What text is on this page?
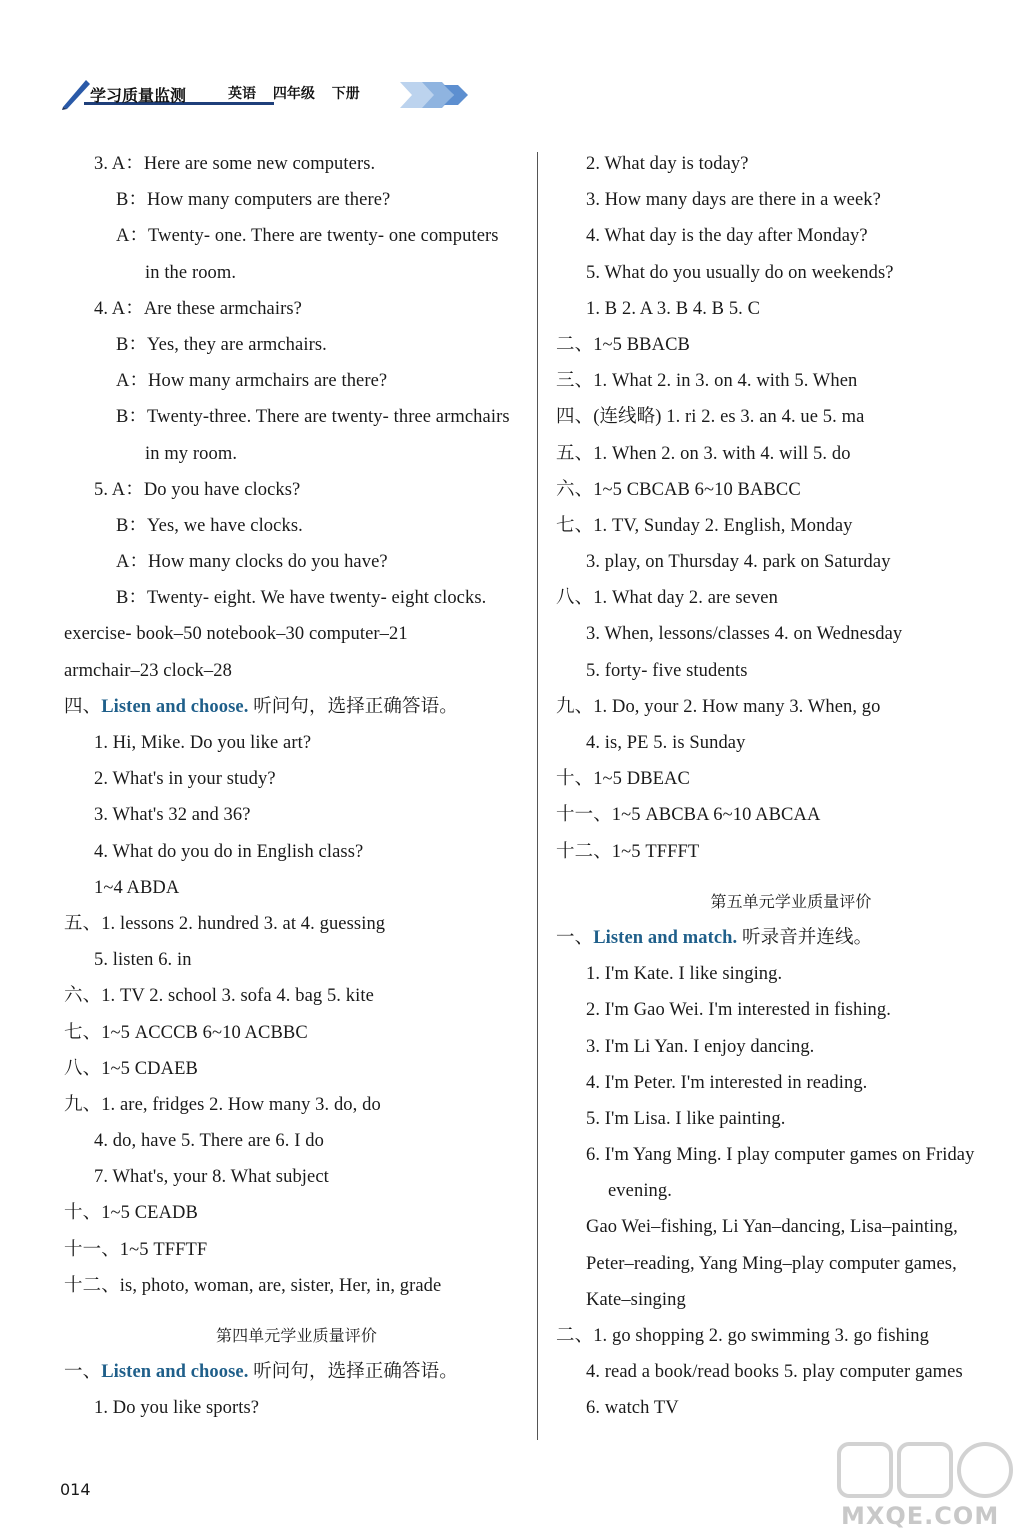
学习质量监测	英语 四年级 下册
3. A：Here are some new computers.
B：How many computers are there?
A：Twenty- one. There are twenty- one computers
in the room.
4. A：Are these armchairs?
B：Yes, they are armchairs.
A：How many armchairs are there?
B：Twenty-three. There are twenty- three armchairs
in my room.
5. A：Do you have clocks?
B：Yes, we have clocks.
A：How many clocks do you have?
B：Twenty- eight. We have twenty- eight clocks.
exercise- book–50 notebook–30 computer–21
armchair–23 clock–28
四、Listen and choose. 听问句，选择正确答语。
1. Hi, Mike. Do you like art?
2. What's in your study?
3. What's 32 and 36?
4. What do you do in English class?
1~4 ABDA
五、1. lessons 2. hundred 3. at 4. guessing
5. listen 6. in
六、1. TV 2. school 3. sofa 4. bag 5. kite
七、1~5 ACCCB 6~10 ACBBC
八、1~5 CDAEB
九、1. are, fridges 2. How many 3. do, do
4. do, have 5. There are 6. I do
7. What's, your 8. What subject
十、1~5 CEADB
十一、1~5 TFFTF
十二、is, photo, woman, are, sister, Her, in, grade
第四单元学业质量评价
一、Listen and choose. 听问句，选择正确答语。
1. Do you like sports?
2. What day is today?
3. How many days are there in a week?
4. What day is the day after Monday?
5. What do you usually do on weekends?
1. B 2. A 3. B 4. B 5. C
二、1~5 BBACB
三、1. What 2. in 3. on 4. with 5. When
四、(连线略) 1. ri 2. es 3. an 4. ue 5. ma
五、1. When 2. on 3. with 4. will 5. do
六、1~5 CBCAB 6~10 BABCC
七、1. TV, Sunday 2. English, Monday
3. play, on Thursday 4. park on Saturday
八、1. What day 2. are seven
3. When, lessons/classes 4. on Wednesday
5. forty- five students
九、1. Do, your 2. How many 3. When, go
4. is, PE 5. is Sunday
十、1~5 DBEAC
十一、1~5 ABCBA 6~10 ABCAA
十二、1~5 TFFFT
第五单元学业质量评价
一、Listen and match. 听录音并连线。
1. I'm Kate. I like singing.
2. I'm Gao Wei. I'm interested in fishing.
3. I'm Li Yan. I enjoy dancing.
4. I'm Peter. I'm interested in reading.
5. I'm Lisa. I like painting.
6. I'm Yang Ming. I play computer games on Friday
evening.
Gao Wei–fishing, Li Yan–dancing, Lisa–painting,
Peter–reading, Yang Ming–play computer games,
Kate–singing
二、1. go shopping 2. go swimming 3. go fishing
4. read a book/read books 5. play computer games
6. watch TV
014
MXQE.COM
